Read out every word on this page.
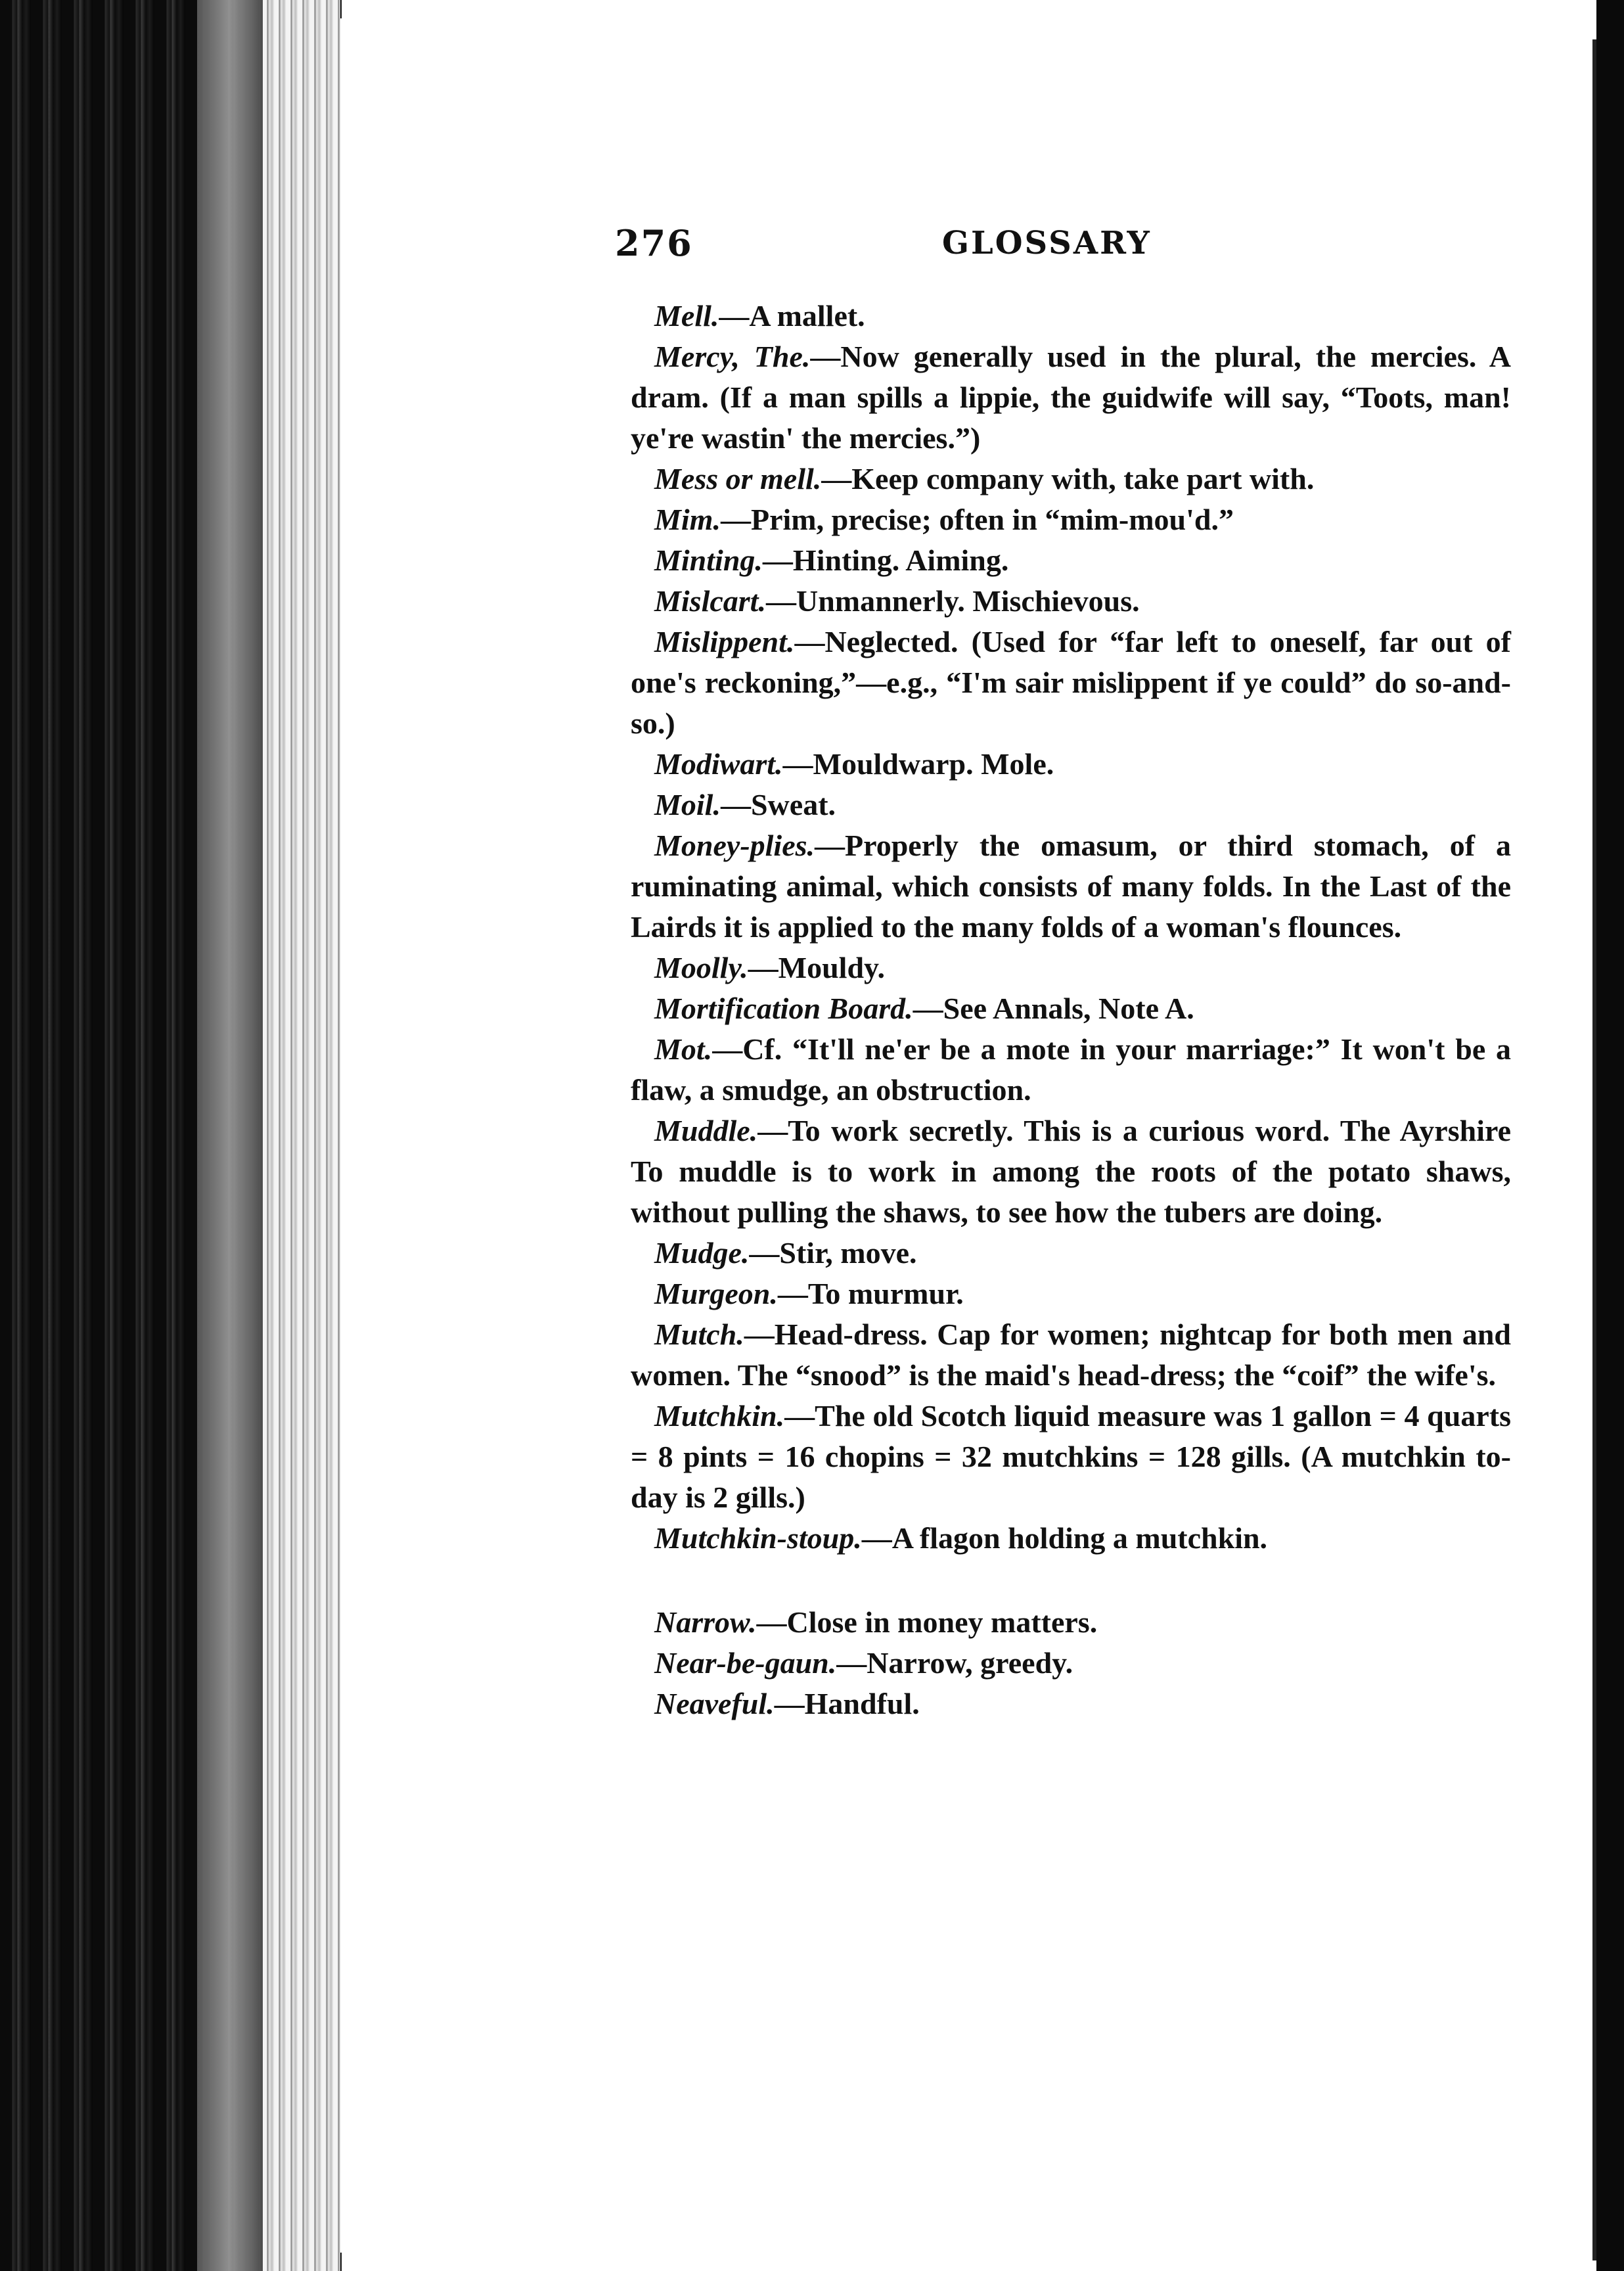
276	GLOSSARY

Mell.—A mallet.

Mercy, The.—Now generally used in the plural, the mercies. A dram. (If a man spills a lippie, the guidwife will say, “Toots, man! ye're wastin' the mercies.”)

Mess or mell.—Keep company with, take part with.

Mim.—Prim, precise; often in “mim-mou'd.”

Minting.—Hinting. Aiming.

Mislcart.—Unmannerly. Mischievous.

Mislippent.—Neglected. (Used for “far left to oneself, far out of one's reckoning,”—e.g., “I'm sair mislippent if ye could” do so-and-so.)

Modiwart.—Mouldwarp. Mole.

Moil.—Sweat.

Money-plies.—Properly the omasum, or third stomach, of a ruminating animal, which consists of many folds. In the Last of the Lairds it is applied to the many folds of a woman's flounces.

Moolly.—Mouldy.

Mortification Board.—See Annals, Note A.

Mot.—Cf. “It'll ne'er be a mote in your marriage:” It won't be a flaw, a smudge, an obstruction.

Muddle.—To work secretly. This is a curious word. The Ayrshire To muddle is to work in among the roots of the potato shaws, without pulling the shaws, to see how the tubers are doing.

Mudge.—Stir, move.

Murgeon.—To murmur.

Mutch.—Head-dress. Cap for women; nightcap for both men and women. The “snood” is the maid's head-dress; the “coif” the wife's.

Mutchkin.—The old Scotch liquid measure was 1 gallon = 4 quarts = 8 pints = 16 chopins = 32 mutchkins = 128 gills. (A mutchkin to-day is 2 gills.)

Mutchkin-stoup.—A flagon holding a mutchkin.

Narrow.—Close in money matters.

Near-be-gaun.—Narrow, greedy.

Neaveful.—Handful.
